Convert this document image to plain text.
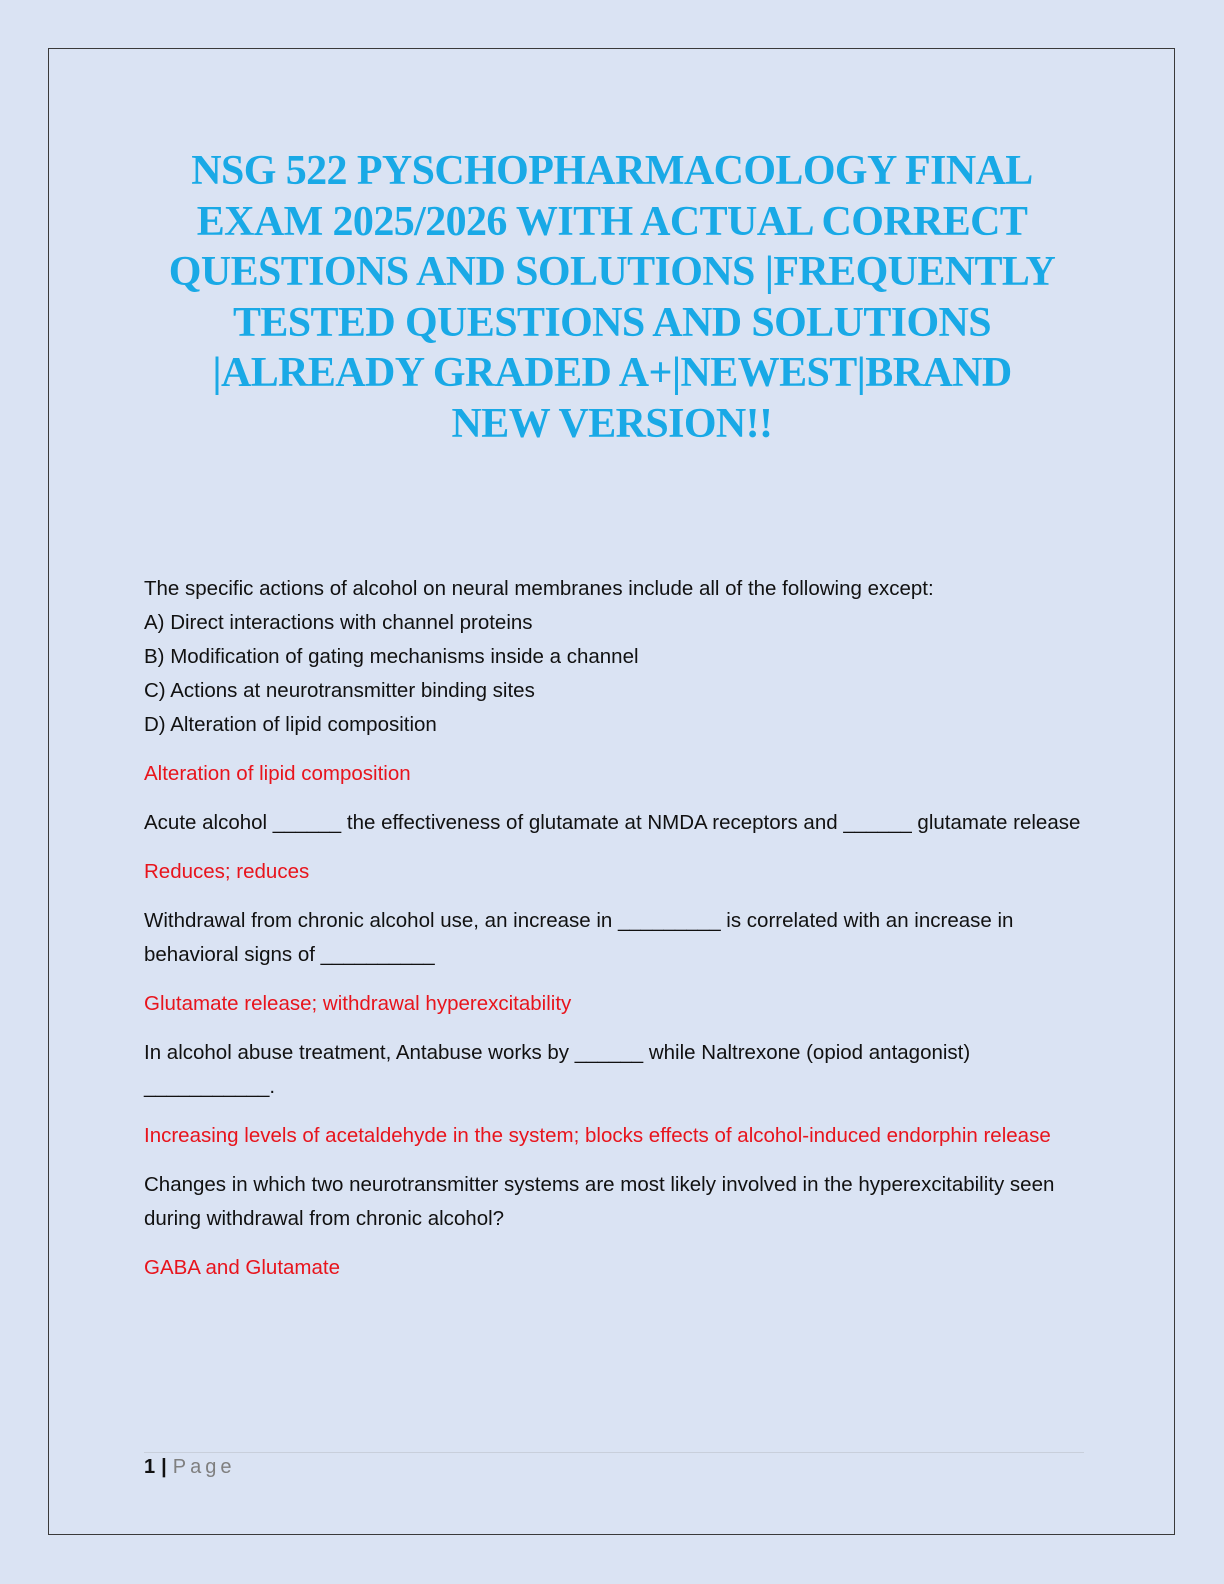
NSG 522 PYSCHOPHARMACOLOGY FINAL
EXAM 2025/2026 WITH ACTUAL CORRECT
QUESTIONS AND SOLUTIONS |FREQUENTLY
TESTED QUESTIONS AND SOLUTIONS
|ALREADY GRADED A+|NEWEST|BRAND
NEW VERSION!!

The specific actions of alcohol on neural membranes include all of the following except:

A) Direct interactions with channel proteins

B) Modification of gating mechanisms inside a channel

C) Actions at neurotransmitter binding sites

D) Alteration of lipid composition

Alteration of lipid composition

Acute alcohol ______ the effectiveness of glutamate at NMDA receptors and ______ glutamate release

Reduces; reduces

Withdrawal from chronic alcohol use, an increase in _________ is correlated with an increase in behavioral signs of __________

Glutamate release; withdrawal hyperexcitability

In alcohol abuse treatment, Antabuse works by ______ while Naltrexone (opiod antagonist) ___________.

Increasing levels of acetaldehyde in the system; blocks effects of alcohol-induced endorphin release

Changes in which two neurotransmitter systems are most likely involved in the hyperexcitability seen during withdrawal from chronic alcohol?

GABA and Glutamate

1 | Page
